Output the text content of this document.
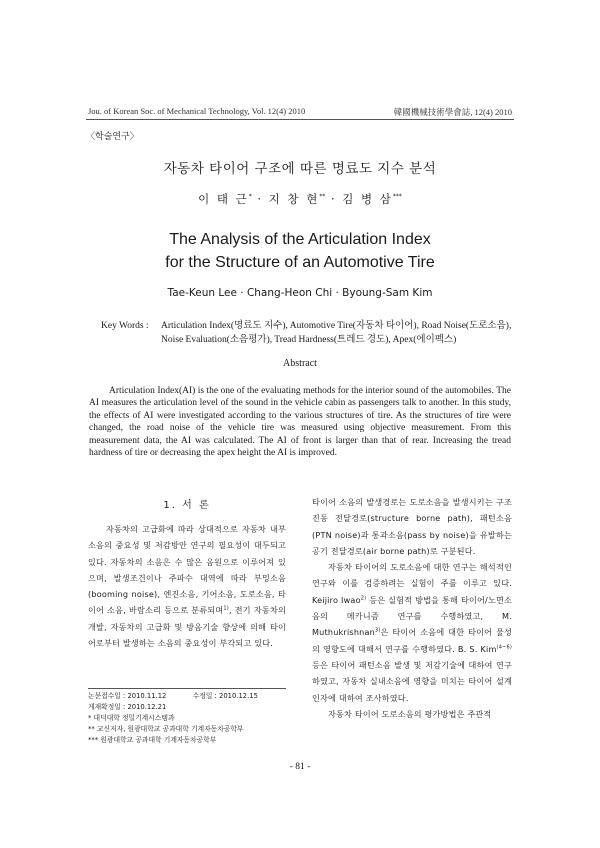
Jou. of Korean Soc. of Mechanical Technology, Vol. 12(4) 2010	韓國機械技術學會誌, 12(4) 2010
〈학술연구〉
자동차 타이어 구조에 따른 명료도 지수 분석
이 태 근* · 지 창 현** · 김 병 삼***
The Analysis of the Articulation Index
for the Structure of an Automotive Tire
Tae-Keun Lee · Chang-Heon Chi · Byoung-Sam Kim
Key Words : Articulation Index(명료도 지수), Automotive Tire(자동차 타이어), Road Noise(도로소음),
Noise Evaluation(소음평가), Tread Hardness(트레드 경도), Apex(에이펙스)
Abstract
Articulation Index(AI) is the one of the evaluating methods for the interior sound of the automobiles. The AI measures the articulation level of the sound in the vehicle cabin as passengers talk to another. In this study, the effects of AI were investigated according to the various structures of tire. As the structures of tire were changed, the road noise of the vehicle tire was measured using objective measurement. From this measurement data, the AI was calculated. The AI of front is larger than that of rear. Increasing the tread hardness of tire or decreasing the apex height the AI is improved.
1. 서 론
자동차의 고급화에 따라 상대적으로 자동차 내부소음의 중요성 및 저감방안 연구의 필요성이 대두되고 있다. 자동차의 소음은 수 많은 음원으로 이루어져 있으며, 발생조건이나 주파수 대역에 따라 부밍소음(booming noise), 엔진소음, 기어소음, 도로소음, 타이어 소음, 바람소리 등으로 분류되며$^{1)}$, 전기 자동차의 개발, 자동차의 고급화 및 방음기술 향상에 의해 타이어로부터 발생하는 소음의 중요성이 부각되고 있다.
논문접수일 : 2010.11.12	수정일 : 2010.12.15
게재확정일 : 2010.12.21
* 대덕대학 정밀기계시스템과
** 교신저자, 원광대학교 공과대학 기계자동차공학부
*** 원광대학교 공과대학 기계자동차공학부

타이어 소음의 발생경로는 도로소음을 발생시키는 구조진동 전달경로(structure borne path), 패턴소음(PTN noise)과 통과소음(pass by noise)을 유발하는 공기 전달경로(air borne path)로 구분된다.

자동차 타이어의 도로소음에 대한 연구는 해석적인 연구와 이를 검증하려는 실험이 주를 이루고 있다. Keijiro Iwao$^{2)}$ 등은 실험적 방법을 통해 타이어/노면소음의 메카니즘 연구를 수행하였고, M. Muthukrishnan$^{3)}$은 타이어 소음에 대한 타이어 물성의 영향도에 대해서 연구를 수행하였다. B. S. Kim$^{(4\sim 6)}$ 등은 타이어 패턴소음 발생 및 저감기술에 대하여 연구하였고, 자동차 실내소음에 영향을 미치는 타이어 설계 인자에 대하여 조사하였다.

자동차 타이어 도로소음의 평가방법은 주관적

- 81 -
